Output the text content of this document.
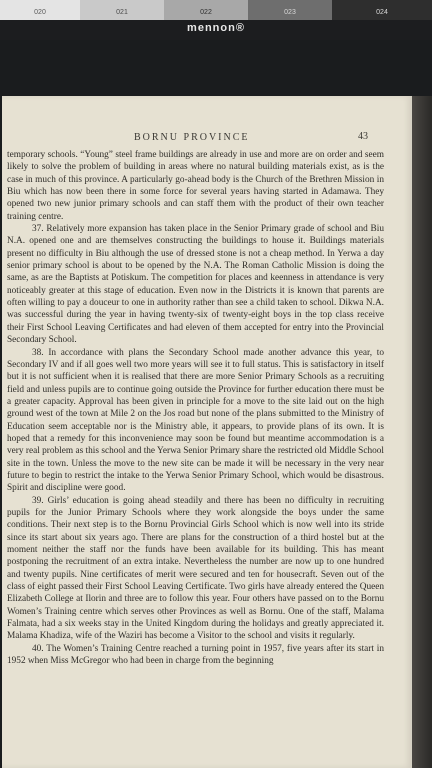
020	021	022	023	024
mennon®
BORNU PROVINCE	43

temporary schools. “Young” steel frame buildings are already in use and more are on order and seem likely to solve the problem of building in areas where no natural building materials exist, as is the case in much of this province. A particularly go-ahead body is the Church of the Brethren Mission in Biu which has now been there in some force for several years having started in Adamawa. They opened two new junior primary schools and can staff them with the product of their own teacher training centre.

37. Relatively more expansion has taken place in the Senior Primary grade of school and Biu N.A. opened one and are themselves constructing the buildings to house it. Buildings materials present no difficulty in Biu although the use of dressed stone is not a cheap method. In Yerwa a day senior primary school is about to be opened by the N.A. The Roman Catholic Mission is doing the same, as are the Baptists at Potiskum. The competition for places and keenness in attendance is very noticeably greater at this stage of education. Even now in the Districts it is known that parents are often willing to pay a douceur to one in authority rather than see a child taken to school. Dikwa N.A. was successful during the year in having twenty-six of twenty-eight boys in the top class receive their First School Leaving Certificates and had eleven of them accepted for entry into the Provincial Secondary School.

38. In accordance with plans the Secondary School made another advance this year, to Secondary IV and if all goes well two more years will see it to full status. This is satisfactory in itself but it is not sufficient when it is realised that there are more Senior Primary Schools as a recruiting field and unless pupils are to continue going outside the Province for further education there must be a greater capacity. Approval has been given in principle for a move to the site laid out on the high ground west of the town at Mile 2 on the Jos road but none of the plans submitted to the Ministry of Education seem acceptable nor is the Ministry able, it appears, to provide plans of its own. It is hoped that a remedy for this inconvenience may soon be found but meantime accommodation is a very real problem as this school and the Yerwa Senior Primary share the restricted old Middle School site in the town. Unless the move to the new site can be made it will be necessary in the very near future to begin to restrict the intake to the Yerwa Senior Primary School, which would be disastrous. Spirit and discipline were good.

39. Girls’ education is going ahead steadily and there has been no difficulty in recruiting pupils for the Junior Primary Schools where they work alongside the boys under the same conditions. Their next step is to the Bornu Provincial Girls School which is now well into its stride since its start about six years ago. There are plans for the construction of a third hostel but at the moment neither the staff nor the funds have been available for its building. This has meant postponing the recruitment of an extra intake. Nevertheless the number are now up to one hundred and twenty pupils. Nine certificates of merit were secured and ten for housecraft. Seven out of the class of eight passed their First School Leaving Certificate. Two girls have already entered the Queen Elizabeth College at Ilorin and three are to follow this year. Four others have passed on to the Bornu Women’s Training centre which serves other Provinces as well as Bornu. One of the staff, Malama Falmata, had a six weeks stay in the United Kingdom during the holidays and greatly appreciated it. Malama Khadiza, wife of the Waziri has become a Visitor to the school and visits it regularly.

40. The Women’s Training Centre reached a turning point in 1957, five years after its start in 1952 when Miss McGregor who had been in charge from the beginning
